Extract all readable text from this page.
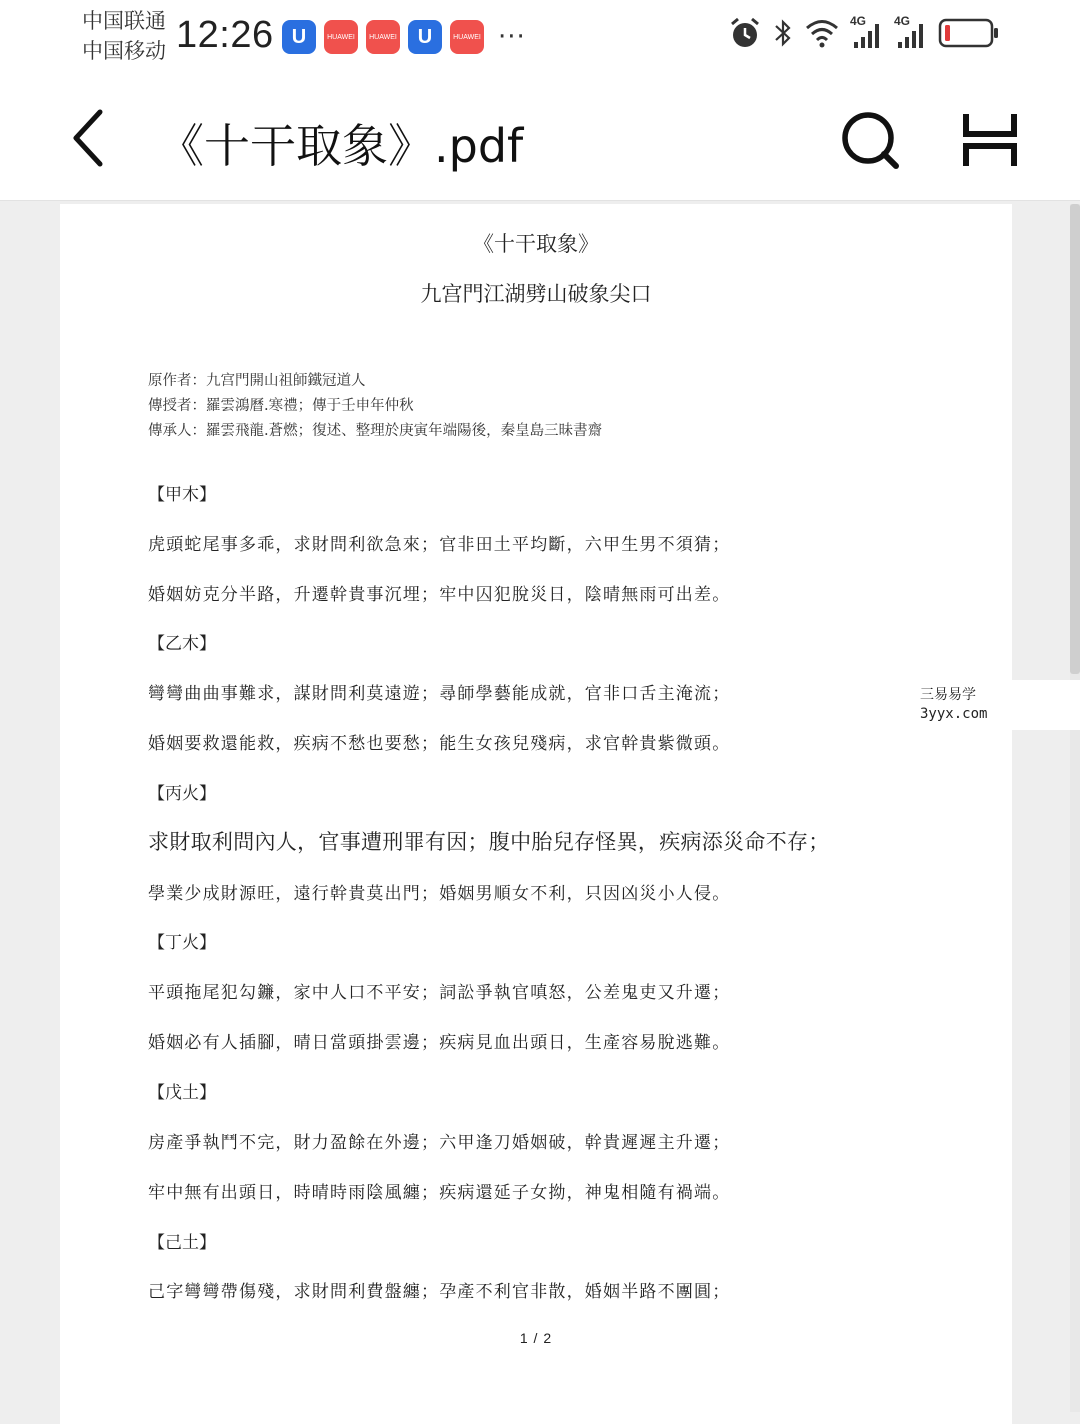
中国联通
中国移动 12:26 U	HUAWEI	HUAWEI	U	HUAWEI ···
4G 4G
《十干取象》.pdf
《十干取象》
九宫門江湖劈山破象尖口
原作者：九宫門開山祖師鐵冠道人
傳授者：羅雲鴻曆.寒禮；傳于壬申年仲秋
傳承人：羅雲飛龍.蒼燃；復述、整理於庚寅年端陽後，秦皇島三昧書齋
【甲木】
虎頭蛇尾事多乖，求財問利欲急來；官非田土平均斷，六甲生男不須猜；
婚姻妨克分半路，升遷幹貴事沉埋；牢中囚犯脫災日，陰晴無雨可出差。
【乙木】
彎彎曲曲事難求，謀財問利莫遠遊；尋師學藝能成就，官非口舌主淹流；
婚姻要救還能救，疾病不愁也要愁；能生女孩兒殘病，求官幹貴紫微頭。
【丙火】
求財取利問內人，官事遭刑罪有因；腹中胎兒存怪異，疾病添災命不存；
學業少成財源旺，遠行幹貴莫出門；婚姻男順女不利，只因凶災小人侵。
【丁火】
平頭拖尾犯勾鐮，家中人口不平安；詞訟爭執官嗔怒，公差鬼吏又升遷；
婚姻必有人插腳，晴日當頭掛雲邊；疾病見血出頭日，生產容易脫逃難。
【戊土】
房產爭執鬥不完，財力盈餘在外邊；六甲逢刀婚姻破，幹貴遲遲主升遷；
牢中無有出頭日，時晴時雨陰風纏；疾病還延子女拗，神鬼相隨有禍端。
【己土】
己字彎彎帶傷殘，求財問利費盤纏；孕產不利官非散，婚姻半路不團圓；
1 / 2
三易易学
3yyx.com
